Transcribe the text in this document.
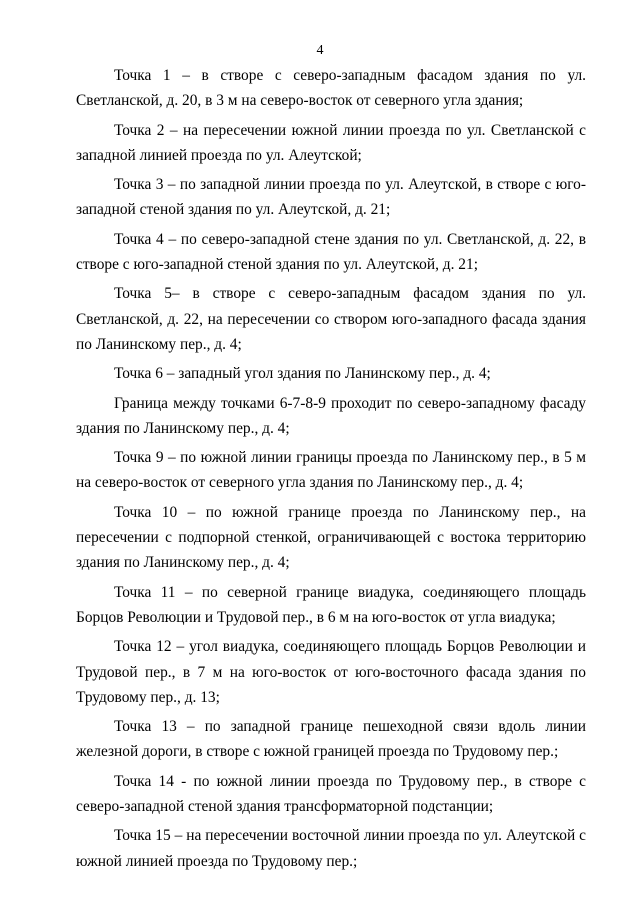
4

Точка 1 – в створе с северо-западным фасадом здания по ул. Светланской, д. 20, в 3 м на северо-восток от северного угла здания;

Точка 2 – на пересечении южной линии проезда по ул. Светланской с западной линией проезда по ул. Алеутской;

Точка 3 – по западной линии проезда по ул. Алеутской, в створе с юго-западной стеной здания по ул. Алеутской, д. 21;

Точка 4 – по северо-западной стене здания по ул. Светланской, д. 22, в створе с юго-западной стеной здания по ул. Алеутской, д. 21;

Точка 5– в створе с северо-западным фасадом здания по ул. Светланской, д. 22, на пересечении со створом юго-западного фасада здания по Ланинскому пер., д. 4;

Точка 6 – западный угол здания по Ланинскому пер., д. 4;

Граница между точками 6-7-8-9 проходит по северо-западному фасаду здания по Ланинскому пер., д. 4;

Точка 9 – по южной линии границы проезда по Ланинскому пер., в 5 м на северо-восток от северного угла здания по Ланинскому пер., д. 4;

Точка 10 – по южной границе проезда по Ланинскому пер., на пересечении с подпорной стенкой, ограничивающей с востока территорию здания по Ланинскому пер., д. 4;

Точка 11 – по северной границе виадука, соединяющего площадь Борцов Революции и Трудовой пер., в 6 м на юго-восток от угла виадука;

Точка 12 – угол виадука, соединяющего площадь Борцов Революции и Трудовой пер., в 7 м на юго-восток от юго-восточного фасада здания по Трудовому пер., д. 13;

Точка 13 – по западной границе пешеходной связи вдоль линии железной дороги, в створе с южной границей проезда по Трудовому пер.;

Точка 14 - по южной линии проезда по Трудовому пер., в створе с северо-западной стеной здания трансформаторной подстанции;

Точка 15 – на пересечении восточной линии проезда по ул. Алеутской с южной линией проезда по Трудовому пер.;
